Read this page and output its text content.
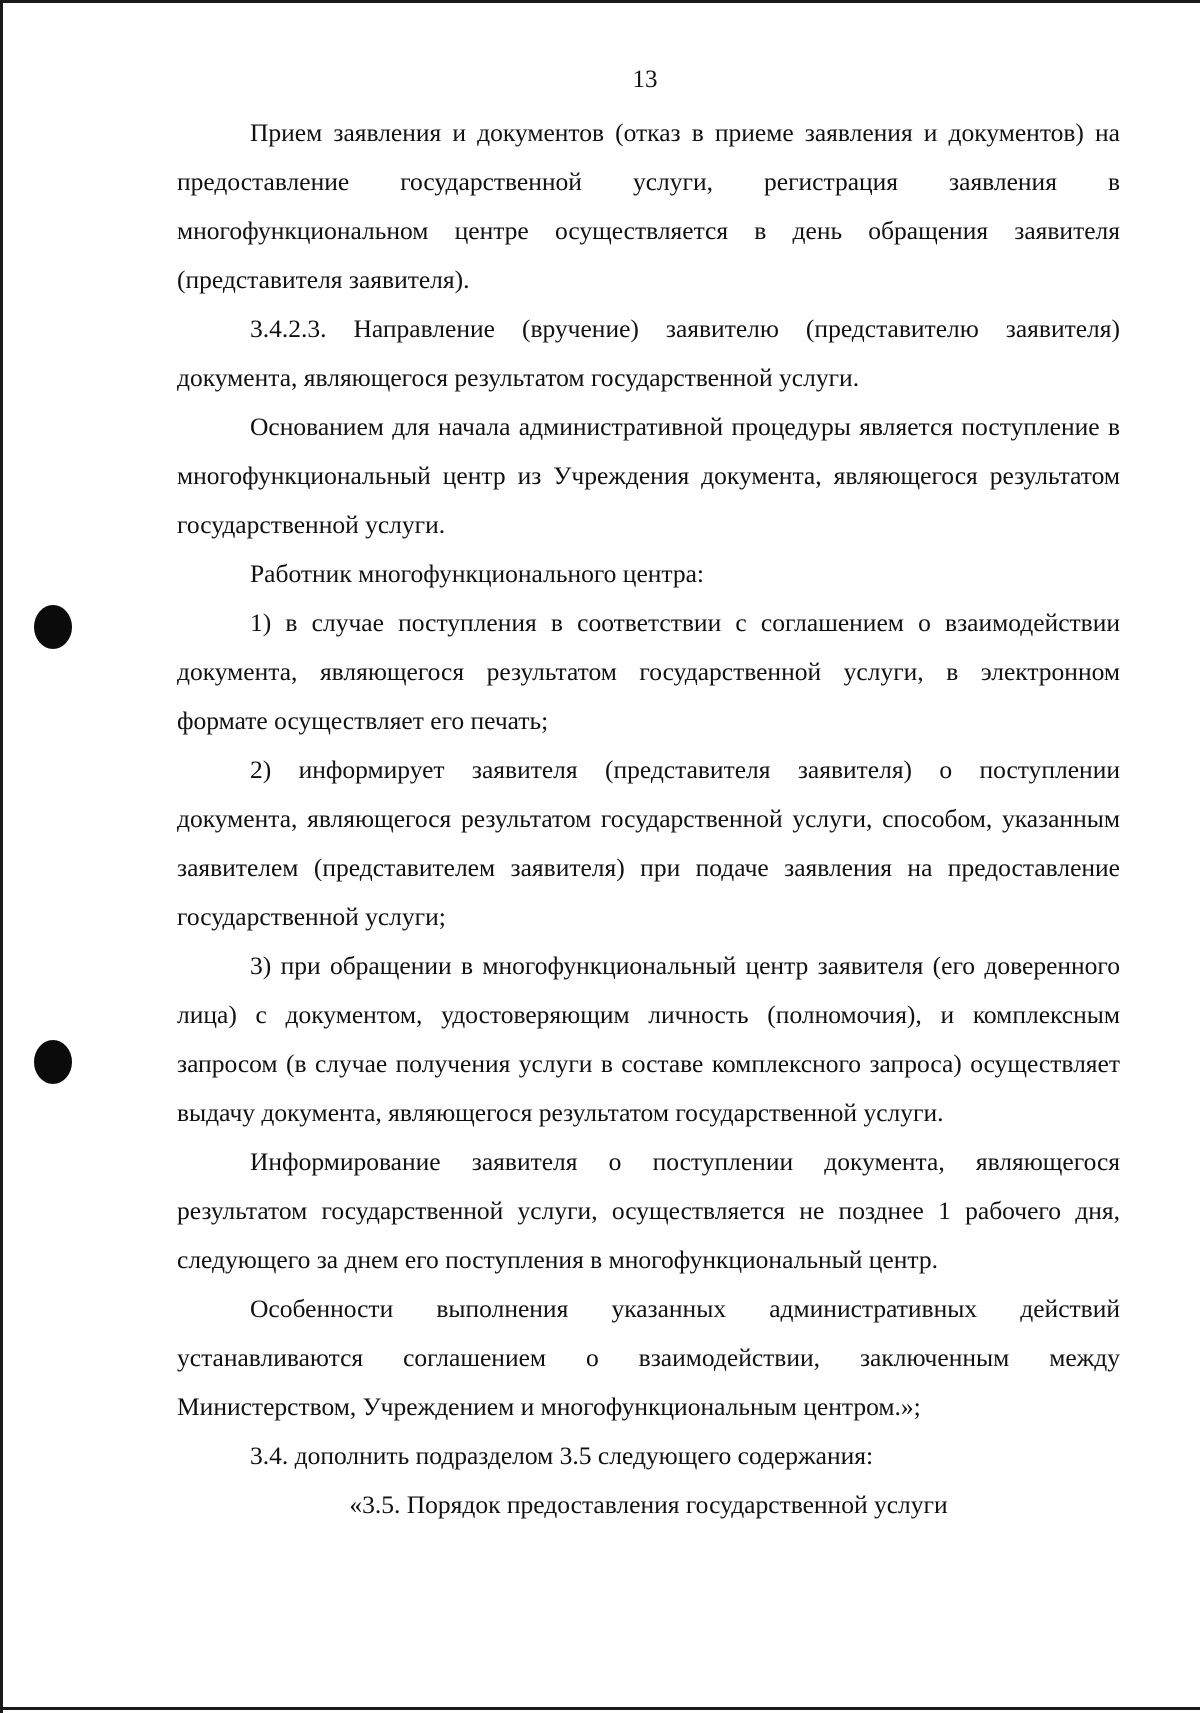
13

Прием заявления и документов (отказ в приеме заявления и документов) на предоставление государственной услуги, регистрация заявления в многофункциональном центре осуществляется в день обращения заявителя (представителя заявителя).

3.4.2.3. Направление (вручение) заявителю (представителю заявителя) документа, являющегося результатом государственной услуги.

Основанием для начала административной процедуры является поступление в многофункциональный центр из Учреждения документа, являющегося результатом государственной услуги.

Работник многофункционального центра:

1) в случае поступления в соответствии с соглашением о взаимодействии документа, являющегося результатом государственной услуги, в электронном формате осуществляет его печать;

2) информирует заявителя (представителя заявителя) о поступлении документа, являющегося результатом государственной услуги, способом, указанным заявителем (представителем заявителя) при подаче заявления на предоставление государственной услуги;

3) при обращении в многофункциональный центр заявителя (его доверенного лица) с документом, удостоверяющим личность (полномочия), и комплексным запросом (в случае получения услуги в составе комплексного запроса) осуществляет выдачу документа, являющегося результатом государственной услуги.

Информирование заявителя о поступлении документа, являющегося результатом государственной услуги, осуществляется не позднее 1 рабочего дня, следующего за днем его поступления в многофункциональный центр.

Особенности выполнения указанных административных действий устанавливаются соглашением о взаимодействии, заключенным между Министерством, Учреждением и многофункциональным центром.»;

3.4. дополнить подразделом 3.5 следующего содержания:

«3.5. Порядок предоставления государственной услуги
